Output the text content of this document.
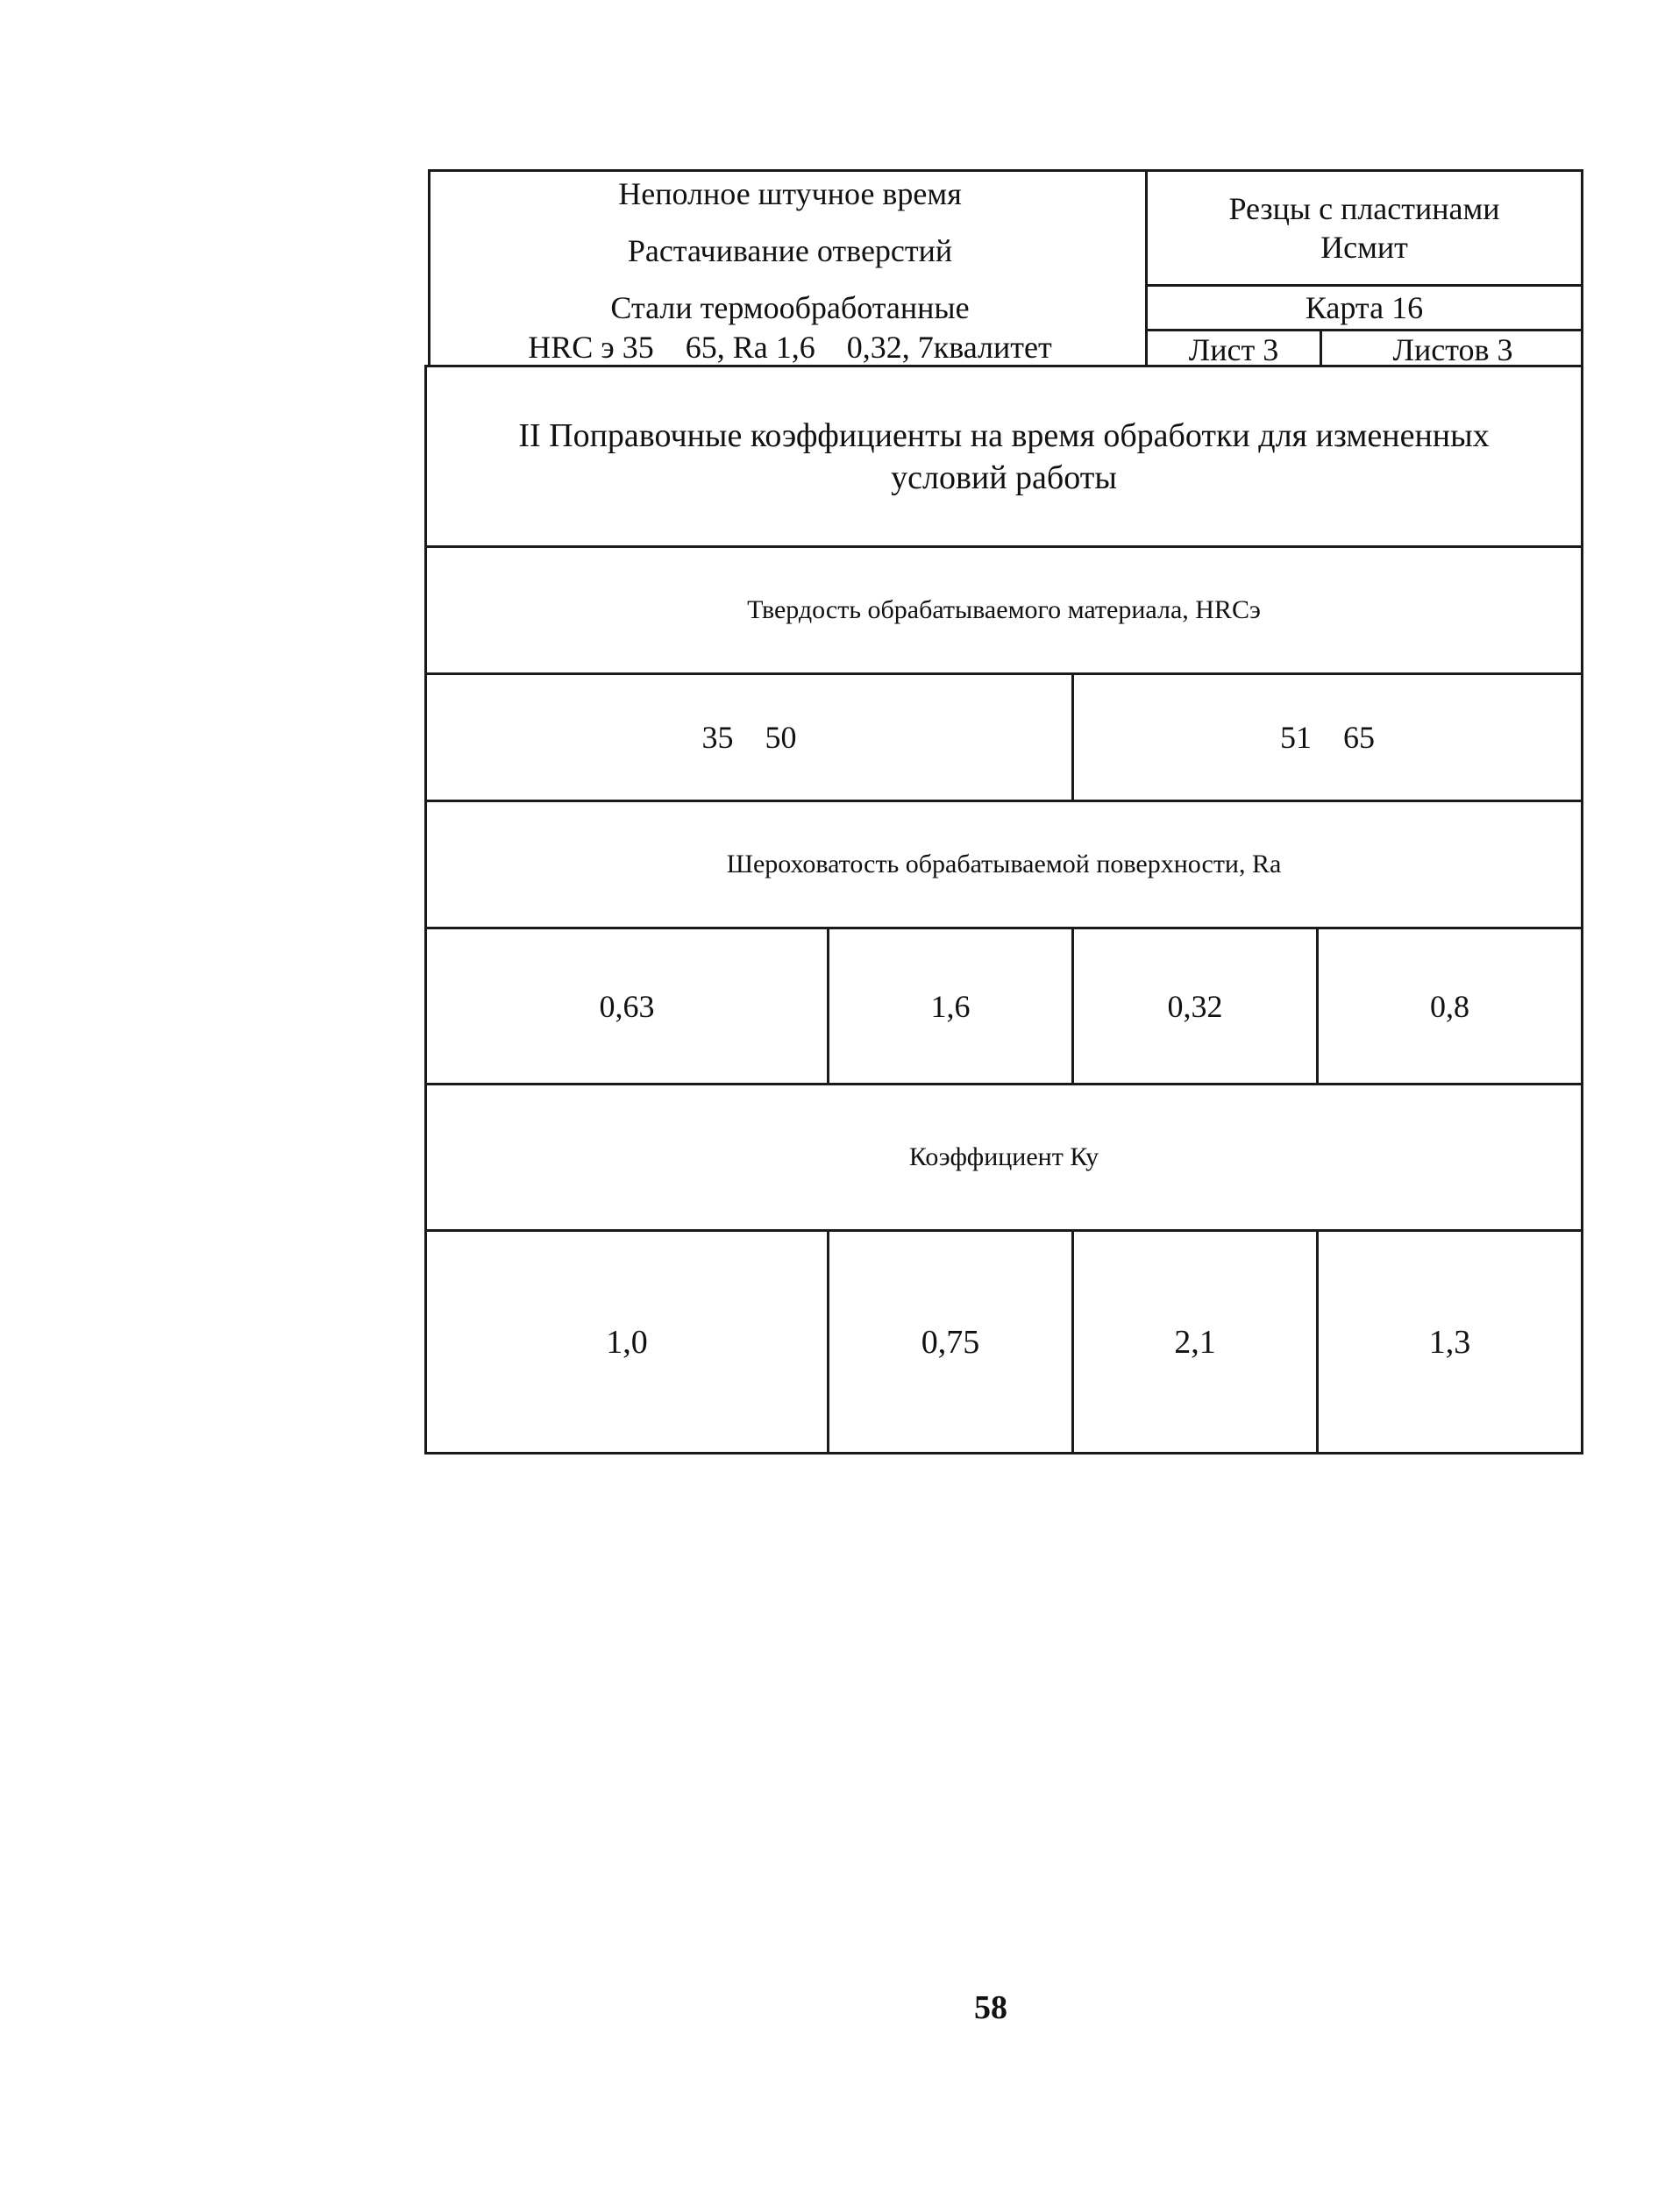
Неполное штучное время
Растачивание отверстий
Стали термообработанные
HRC э 35    65, Ra 1,6    0,32, 7квалитет
Резцы с пластинами
Исмит
Карта 16
Лист 3	Листов 3
II Поправочные коэффициенты на время обработки для измененных условий работы
Твердость обрабатываемого материала, HRCэ
35    50	51    65
Шероховатость обрабатываемой поверхности, Ra
0,63	1,6	0,32	0,8
Коэффициент Ку
1,0	0,75	2,1	1,3
58
